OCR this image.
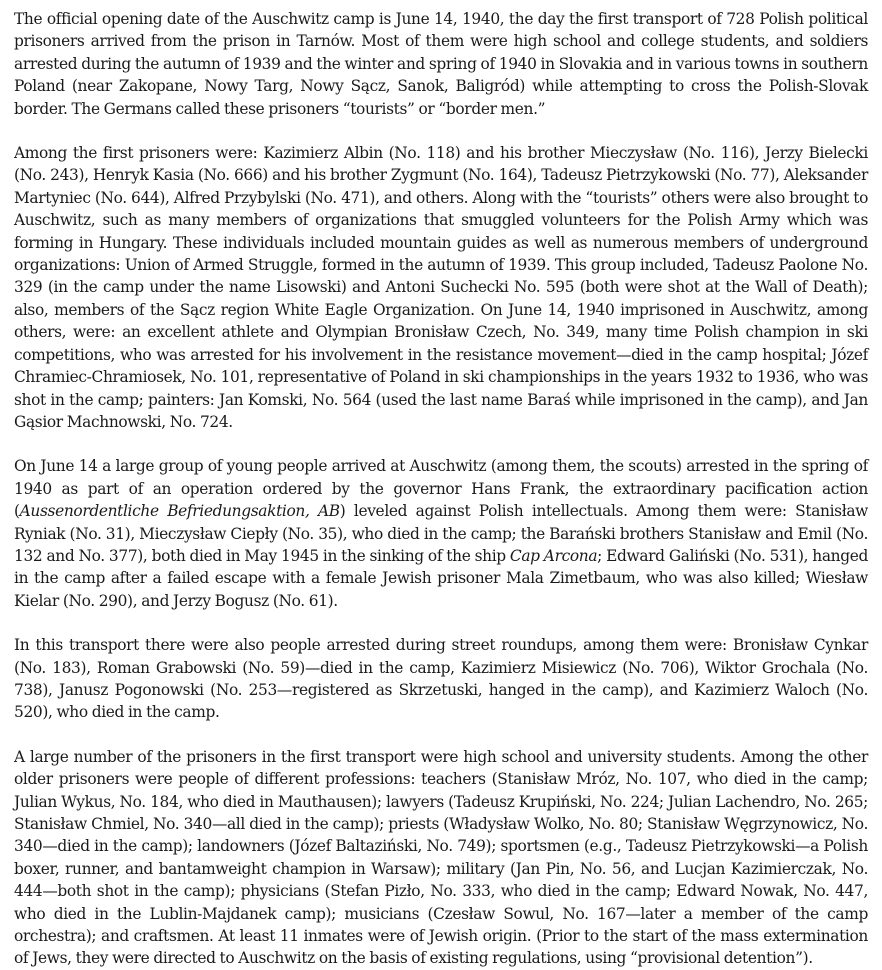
The official opening date of the Auschwitz camp is June 14, 1940, the day the first transport of 728 Polish political prisoners arrived from the prison in Tarnów. Most of them were high school and college students, and soldiers arrested during the autumn of 1939 and the winter and spring of 1940 in Slovakia and in various towns in southern Poland (near Zakopane, Nowy Targ, Nowy Sącz, Sanok, Baligród) while attempting to cross the Polish-Slovak border. The Germans called these prisoners “tourists” or “border men.”

Among the first prisoners were: Kazimierz Albin (No. 118) and his brother Mieczysław (No. 116), Jerzy Bielecki (No. 243), Henryk Kasia (No. 666) and his brother Zygmunt (No. 164), Tadeusz Pietrzykowski (No. 77), Aleksander Martyniec (No. 644), Alfred Przybylski (No. 471), and others. Along with the “tourists” others were also brought to Auschwitz, such as many members of organizations that smuggled volunteers for the Polish Army which was forming in Hungary. These individuals included mountain guides as well as numerous members of underground organizations: Union of Armed Struggle, formed in the autumn of 1939. This group included, Tadeusz Paolone No. 329 (in the camp under the name Lisowski) and Antoni Suchecki No. 595 (both were shot at the Wall of Death); also, members of the Sącz region White Eagle Organization. On June 14, 1940 imprisoned in Auschwitz, among others, were: an excellent athlete and Olympian Bronisław Czech, No. 349, many time Polish champion in ski competitions, who was arrested for his involvement in the resistance movement—died in the camp hospital; Józef Chramiec-Chramiosek, No. 101, representative of Poland in ski championships in the years 1932 to 1936, who was shot in the camp; painters: Jan Komski, No. 564 (used the last name Baraś while imprisoned in the camp), and Jan Gąsior Machnowski, No. 724.

On June 14 a large group of young people arrived at Auschwitz (among them, the scouts) arrested in the spring of 1940 as part of an operation ordered by the governor Hans Frank, the extraordinary pacification action (Aussenordentliche Befriedungsaktion, AB) leveled against Polish intellectuals. Among them were: Stanisław Ryniak (No. 31), Mieczysław Ciepły (No. 35), who died in the camp; the Barański brothers Stanisław and Emil (No. 132 and No. 377), both died in May 1945 in the sinking of the ship Cap Arcona; Edward Galiński (No. 531), hanged in the camp after a failed escape with a female Jewish prisoner Mala Zimetbaum, who was also killed; Wiesław Kielar (No. 290), and Jerzy Bogusz (No. 61).

In this transport there were also people arrested during street roundups, among them were: Bronisław Cynkar (No. 183), Roman Grabowski (No. 59)—died in the camp, Kazimierz Misiewicz (No. 706), Wiktor Grochala (No. 738), Janusz Pogonowski (No. 253—registered as Skrzetuski, hanged in the camp), and Kazimierz Waloch (No. 520), who died in the camp.

A large number of the prisoners in the first transport were high school and university students. Among the other older prisoners were people of different professions: teachers (Stanisław Mróz, No. 107, who died in the camp; Julian Wykus, No. 184, who died in Mauthausen); lawyers (Tadeusz Krupiński, No. 224; Julian Lachendro, No. 265; Stanisław Chmiel, No. 340—all died in the camp); priests (Władysław Wolko, No. 80; Stanisław Węgrzynowicz, No. 340—died in the camp); landowners (Józef Baltaziński, No. 749); sportsmen (e.g., Tadeusz Pietrzykowski—a Polish boxer, runner, and bantamweight champion in Warsaw); military (Jan Pin, No. 56, and Lucjan Kazimierczak, No. 444—both shot in the camp); physicians (Stefan Pizło, No. 333, who died in the camp; Edward Nowak, No. 447, who died in the Lublin-Majdanek camp); musicians (Czesław Sowul, No. 167—later a member of the camp orchestra); and craftsmen. At least 11 inmates were of Jewish origin. (Prior to the start of the mass extermination of Jews, they were directed to Auschwitz on the basis of existing regulations, using “provisional detention”).
